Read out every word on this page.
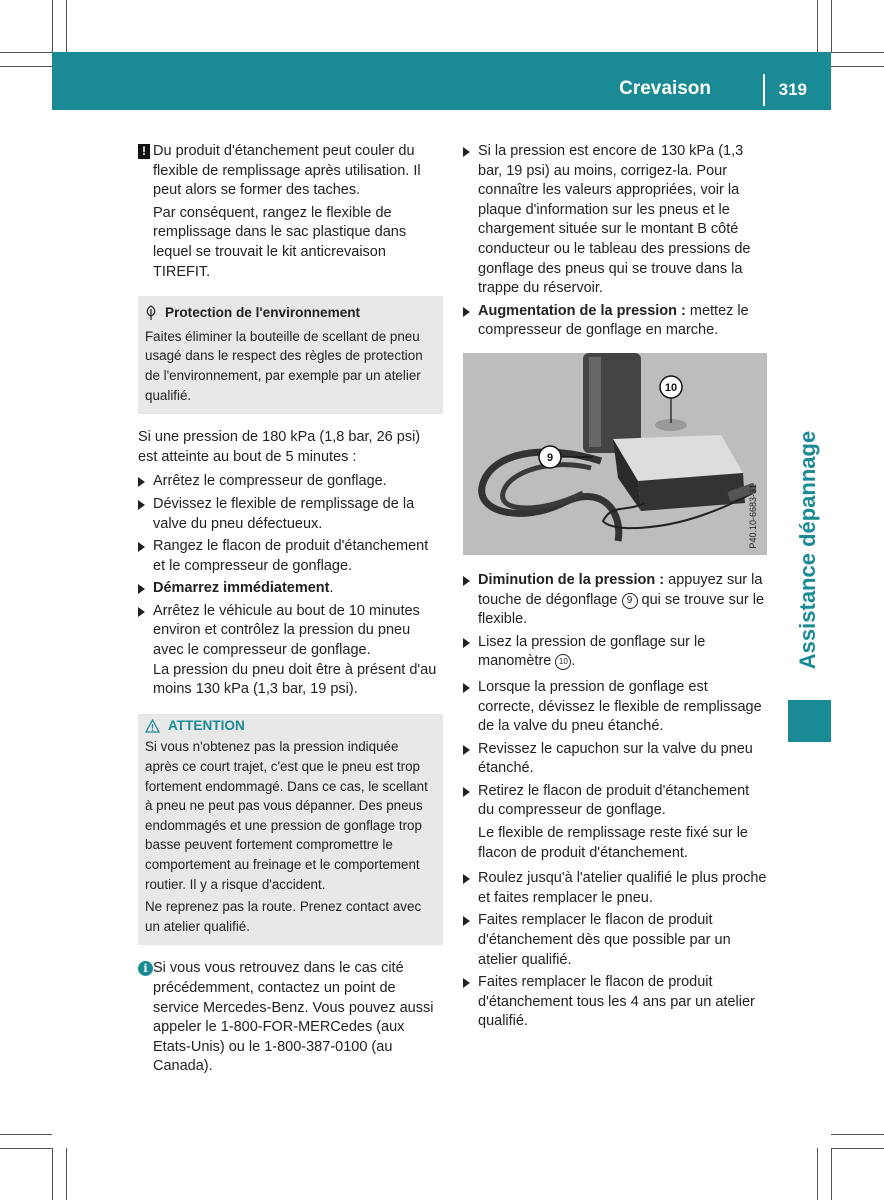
Crevaison	319
Assistance dépannage
! Du produit d'étanchement peut couler du flexible de remplissage après utilisation. Il peut alors se former des taches.

Par conséquent, rangez le flexible de remplissage dans le sac plastique dans lequel se trouvait le kit anticrevaison TIREFIT.

Protection de l'environnement

Faites éliminer la bouteille de scellant de pneu usagé dans le respect des règles de protection de l'environnement, par exemple par un atelier qualifié.

Si une pression de 180 kPa (1,8 bar, 26 psi) est atteinte au bout de 5 minutes :

Arrêtez le compresseur de gonflage.
Dévissez le flexible de remplissage de la valve du pneu défectueux.
Rangez le flacon de produit d'étanchement et le compresseur de gonflage.
Démarrez immédiatement.
Arrêtez le véhicule au bout de 10 minutes environ et contrôlez la pression du pneu avec le compresseur de gonflage.
La pression du pneu doit être à présent d'au moins 130 kPa (1,3 bar, 19 psi).
ATTENTION

Si vous n'obtenez pas la pression indiquée après ce court trajet, c'est que le pneu est trop fortement endommagé. Dans ce cas, le scellant à pneu ne peut pas vous dépanner. Des pneus endommagés et une pression de gonflage trop basse peuvent fortement compromettre le comportement au freinage et le comportement routier. Il y a risque d'accident.

Ne reprenez pas la route. Prenez contact avec un atelier qualifié.

i Si vous vous retrouvez dans le cas cité précédemment, contactez un point de service Mercedes-Benz. Vous pouvez aussi appeler le 1-800-FOR-MERCedes (aux Etats-Unis) ou le 1-800-387-0100 (au Canada).

Si la pression est encore de 130 kPa (1,3 bar, 19 psi) au moins, corrigez-la. Pour connaître les valeurs appropriées, voir la plaque d'information sur les pneus et le chargement située sur le montant B côté conducteur ou le tableau des pressions de gonflage des pneus qui se trouve dans la trappe du réservoir.
Augmentation de la pression : mettez le compresseur de gonflage en marche.
10
9
P40.10-6683-31
Diminution de la pression : appuyez sur la touche de dégonflage 9 qui se trouve sur le flexible.
Lisez la pression de gonflage sur le manomètre 10 .
Lorsque la pression de gonflage est correcte, dévissez le flexible de remplissage de la valve du pneu étanché.
Revissez le capuchon sur la valve du pneu étanché.
Retirez le flacon de produit d'étanchement du compresseur de gonflage.
Le flexible de remplissage reste fixé sur le flacon de produit d'étanchement.
Roulez jusqu'à l'atelier qualifié le plus proche et faites remplacer le pneu.
Faites remplacer le flacon de produit d'étanchement dès que possible par un atelier qualifié.
Faites remplacer le flacon de produit d'étanchement tous les 4 ans par un atelier qualifié.
